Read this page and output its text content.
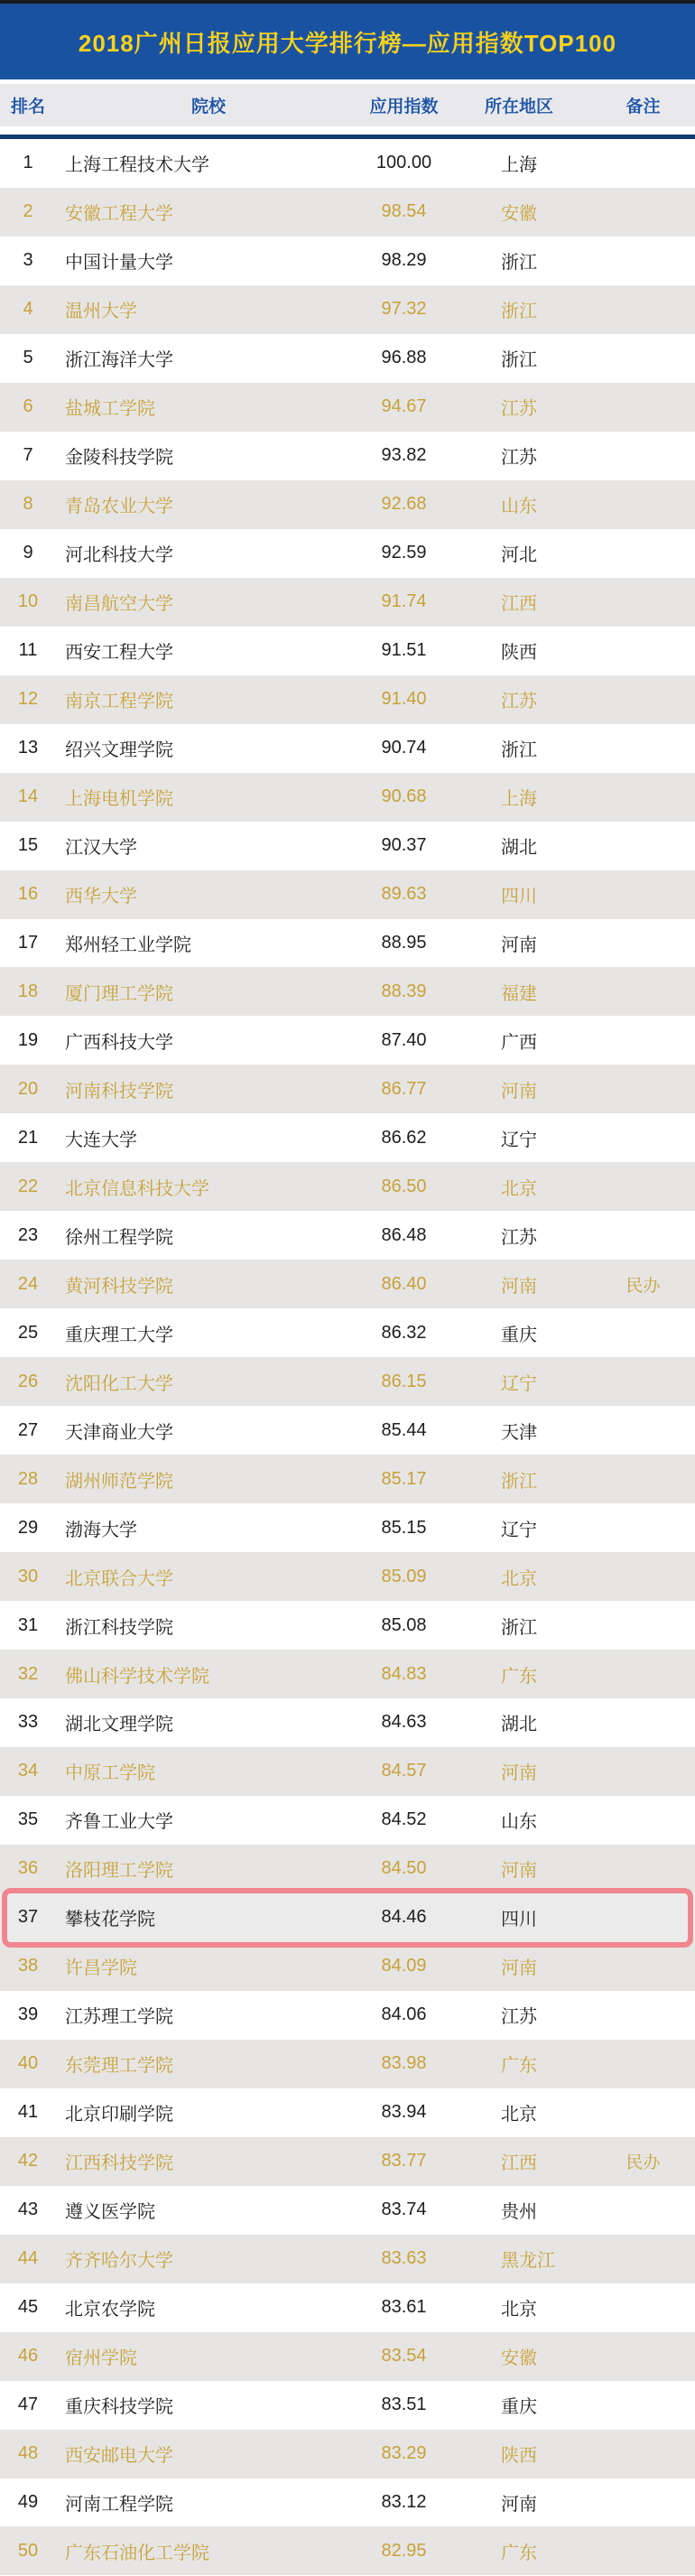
2018广州日报应用大学排行榜—应用指数TOP100
排名	院校	应用指数	所在地区	备注
1	上海工程技术大学	100.00	上海
2	安徽工程大学	98.54	安徽
3	中国计量大学	98.29	浙江
4	温州大学	97.32	浙江
5	浙江海洋大学	96.88	浙江
6	盐城工学院	94.67	江苏
7	金陵科技学院	93.82	江苏
8	青岛农业大学	92.68	山东
9	河北科技大学	92.59	河北
10	南昌航空大学	91.74	江西
11	西安工程大学	91.51	陕西
12	南京工程学院	91.40	江苏
13	绍兴文理学院	90.74	浙江
14	上海电机学院	90.68	上海
15	江汉大学	90.37	湖北
16	西华大学	89.63	四川
17	郑州轻工业学院	88.95	河南
18	厦门理工学院	88.39	福建
19	广西科技大学	87.40	广西
20	河南科技学院	86.77	河南
21	大连大学	86.62	辽宁
22	北京信息科技大学	86.50	北京
23	徐州工程学院	86.48	江苏
24	黄河科技学院	86.40	河南	民办
25	重庆理工大学	86.32	重庆
26	沈阳化工大学	86.15	辽宁
27	天津商业大学	85.44	天津
28	湖州师范学院	85.17	浙江
29	渤海大学	85.15	辽宁
30	北京联合大学	85.09	北京
31	浙江科技学院	85.08	浙江
32	佛山科学技术学院	84.83	广东
33	湖北文理学院	84.63	湖北
34	中原工学院	84.57	河南
35	齐鲁工业大学	84.52	山东
36	洛阳理工学院	84.50	河南
37	攀枝花学院	84.46	四川
38	许昌学院	84.09	河南
39	江苏理工学院	84.06	江苏
40	东莞理工学院	83.98	广东
41	北京印刷学院	83.94	北京
42	江西科技学院	83.77	江西	民办
43	遵义医学院	83.74	贵州
44	齐齐哈尔大学	83.63	黑龙江
45	北京农学院	83.61	北京
46	宿州学院	83.54	安徽
47	重庆科技学院	83.51	重庆
48	西安邮电大学	83.29	陕西
49	河南工程学院	83.12	河南
50	广东石油化工学院	82.95	广东
